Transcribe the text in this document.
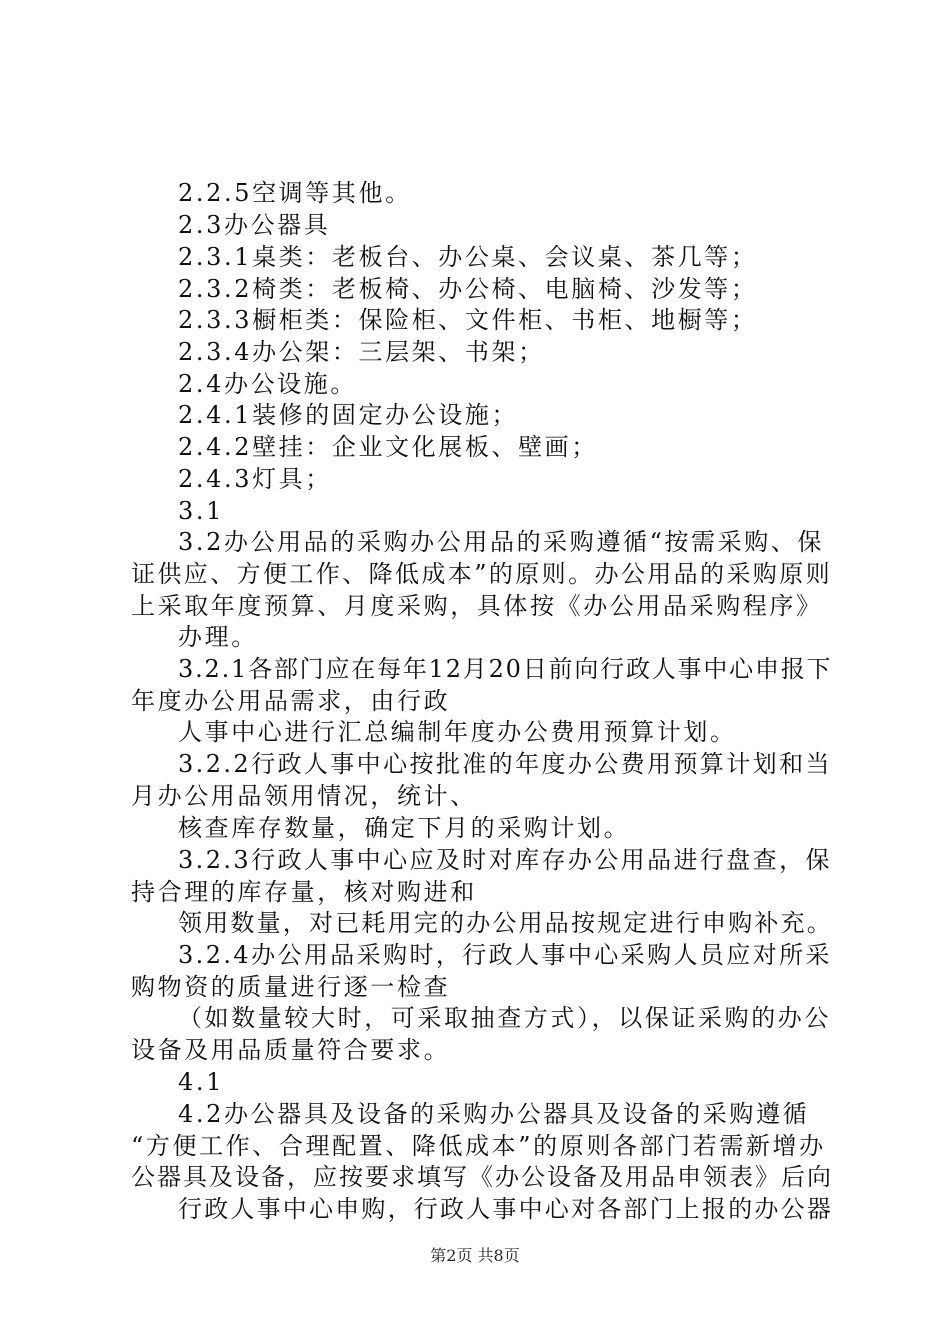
2.2.5空调等其他。
2.3办公器具
2.3.1桌类：老板台、办公桌、会议桌、茶几等；
2.3.2椅类：老板椅、办公椅、电脑椅、沙发等；
2.3.3橱柜类：保险柜、文件柜、书柜、地橱等；
2.3.4办公架：三层架、书架；
2.4办公设施。
2.4.1装修的固定办公设施；
2.4.2壁挂：企业文化展板、壁画；
2.4.3灯具；
3.1
3.2办公用品的采购办公用品的采购遵循“按需采购、保
证供应、方便工作、降低成本”的原则。办公用品的采购原则
上采取年度预算、月度采购，具体按《办公用品采购程序》
办理。
3.2.1各部门应在每年12月20日前向行政人事中心申报下
年度办公用品需求，由行政
人事中心进行汇总编制年度办公费用预算计划。
3.2.2行政人事中心按批准的年度办公费用预算计划和当
月办公用品领用情况，统计、
核查库存数量，确定下月的采购计划。
3.2.3行政人事中心应及时对库存办公用品进行盘查，保
持合理的库存量，核对购进和
领用数量，对已耗用完的办公用品按规定进行申购补充。
3.2.4办公用品采购时，行政人事中心采购人员应对所采
购物资的质量进行逐一检查
（如数量较大时，可采取抽查方式），以保证采购的办公
设备及用品质量符合要求。
4.1
4.2办公器具及设备的采购办公器具及设备的采购遵循
“方便工作、合理配置、降低成本”的原则各部门若需新增办
公器具及设备，应按要求填写《办公设备及用品申领表》后向
行政人事中心申购，行政人事中心对各部门上报的办公器
第2页 共8页
